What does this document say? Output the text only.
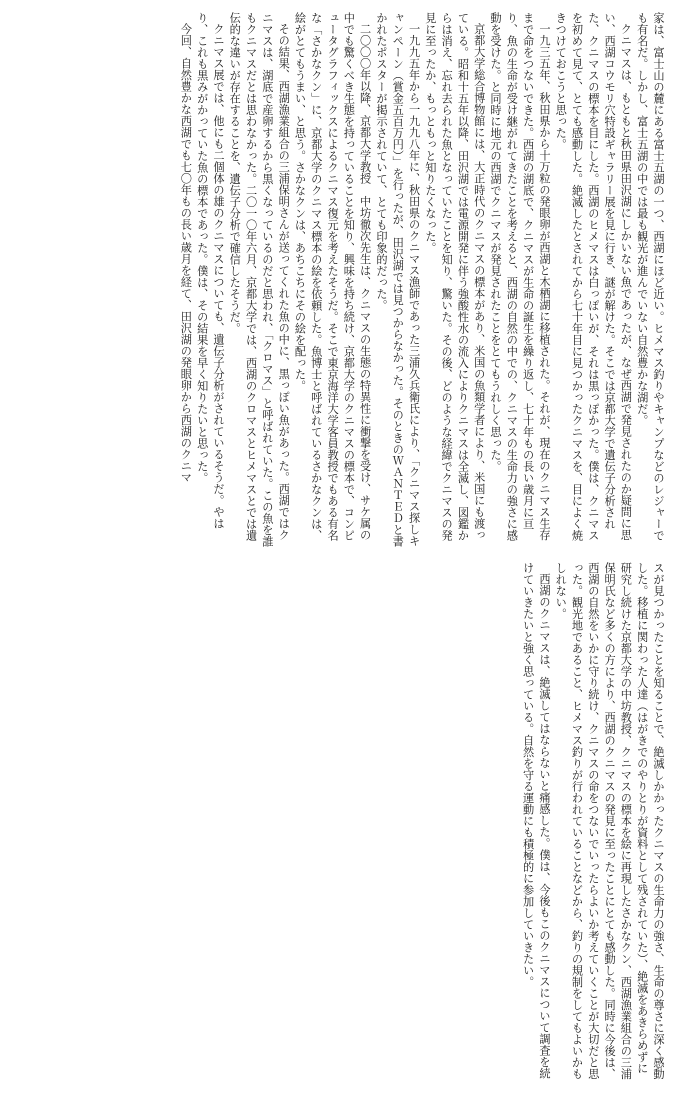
家は、富士山の麓にある富士五湖の一つ、西湖にほど近い。ヒメマス釣りやキャンプなどのレジャーでも有名だ。しかし、富士五湖の中では最も観光が進んでいない自然豊かな湖だ。

クニマスは、もともと秋田県田沢湖にしかいない魚であったが、なぜ西湖で発見されたのか疑問に思い、西湖コウモリ穴特設ギャラリー展を見に行き、謎が解けた。そこでは京都大学で遺伝子分析された、クニマスの標本を目にした。西湖のヒメマスは白っぽいが、それは黒っぽかった。僕は、クニマスを初めて見て、とても感動した。絶滅したとされてから七十年目に見つかったクニマスを、目によく焼きつけておこうと思った。

一九三五年、秋田県から十万粒の発眼卵が西湖と木栖湖に移植された。それが、現在のクニマス生存まで命をつないできた。西湖の湖底で、クニマスが生命の誕生を繰り返し、七十年もの長い歳月に亘り、魚の生命が受け継がれてきたことを考えると、西湖の自然の中での、クニマスの生命力の強さに感動を受けた。と同時に地元の西湖でクニマスが発見されたことをとてもうれしく思った。

京都大学総合博物館には、大正時代のクニマスの標本があり、米国の魚類学者により、米国にも渡っている。昭和十五年以降、田沢湖では電源開発に伴う強酸性水の流入によりクニマスは全滅し、図鑑からは消え、忘れ去られた魚となっていたことを知り、驚いた。その後、どのような経緯でクニマスの発見に至ったか、もっともっと知りたくなった。

一九九五年から一九九八年に、秋田県のクニマス漁師であった三浦久兵衛氏により、「クニマス探しキャンペーン（賞金五百万円）」を行ったが、田沢湖では見つからなかった。そのときのＷＡＮＴＥＤと書かれたポスターが掲示されていて、とても印象的だった。

二〇〇〇年以降、京都大学教授　中坊徹次先生は、クニマスの生態の特異性に衝撃を受け、サケ属の中でも驚くべき生態を持っていることを知り、興味を持ち続け、京都大学のクニマスの標本で、コンピュータグラフィックスによるクニマス復元を考えたそうだ。そこで東京海洋大学客員教授でもある有名な「さかなクン」に、京都大学のクニマス標本の絵を依頼した。魚博士と呼ばれているさかなクンは、絵がとてもうまい、と思う。さかなクンは、あちこちにその絵を配った。

その結果、西湖漁業組合の三浦保明さんが送ってくれた魚の中に、黒っぽい魚があった。西湖ではクニマスは、湖底で産卵するから黒くなっているのだと思われ、「クロマス」と呼ばれていた。この魚を誰もクニマスだとは思わなかった。二〇一〇年六月、京都大学では、西湖のクロマスとヒメマスとでは遺伝的な違いが存在することを、遺伝子分析で確信したそうだ。

クニマス展では、他にも二個体の雄のクニマスについても、遺伝子分析がされているそうだ。やはり、これも黒みがかっていた魚の標本であった。僕は、その結果を早く知りたいと思った。

今回、自然豊かな西湖でも七〇年もの長い歳月を経て、田沢湖の発眼卵から西湖のクニマ

スが見つかったことを知ることで、絶滅しかかったクニマスの生命力の強さ、生命の尊さに深く感動した。移植に関わった人達（はがきでのやりとりが資料として残されていた）、絶滅をあきらめずに研究し続けた京都大学の中坊教授、クニマスの標本を絵に再現したさかなクン、西湖漁業組合の三浦保明氏など多くの方により、西湖のクニマスの発見に至ったことにとても感動した。同時に今後は、西湖の自然をいかに守り続け、クニマスの命をつないでいったらよいか考えていくことが大切だと思った。観光地であること、ヒメマス釣りが行われていることなどから、釣りの規制をしてもよいかもしれない。

西湖のクニマスは、絶滅してはならないと痛感した。僕は、今後もこのクニマスについて調査を続けていきたいと強く思っている。自然を守る運動にも積極的に参加していきたい。
